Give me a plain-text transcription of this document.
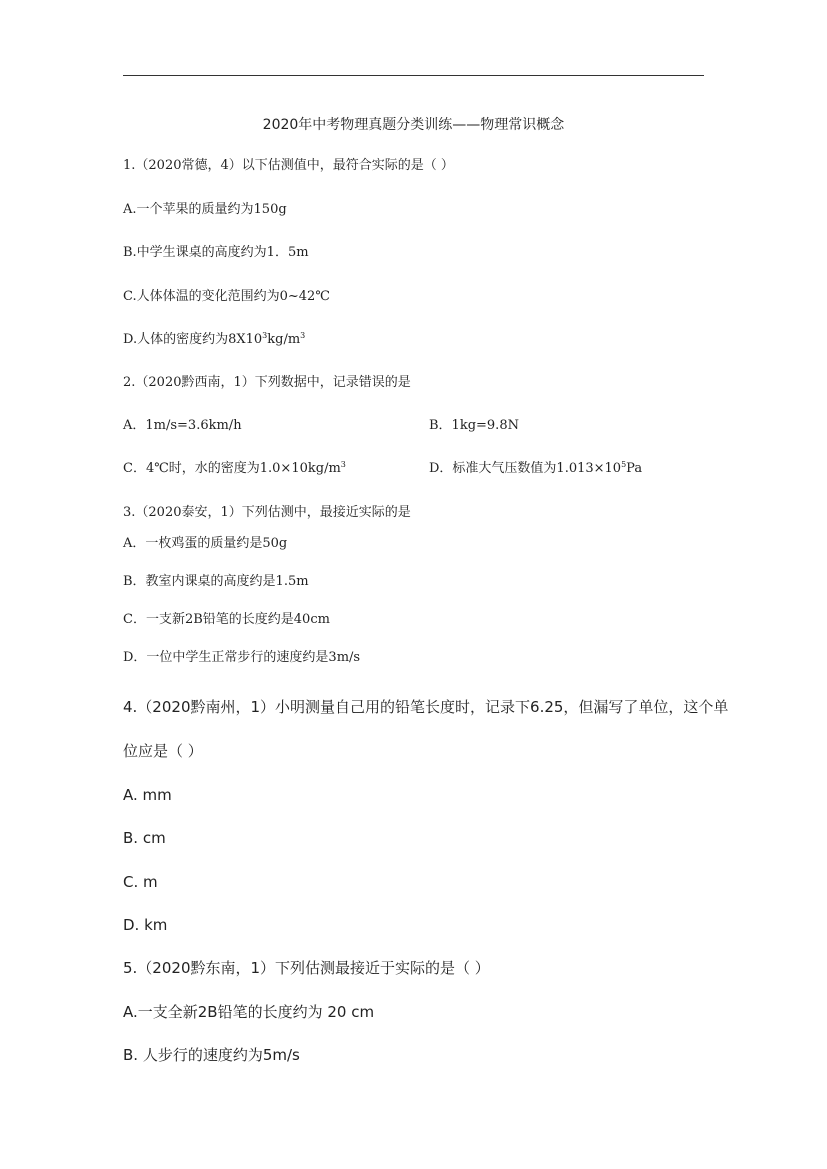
2020年中考物理真题分类训练——物理常识概念
1.（2020常德，4）以下估测值中，最符合实际的是（ ）
A.一个苹果的质量约为150g
B.中学生课桌的高度约为1．5m
C.人体体温的变化范围约为0~42℃
D.人体的密度约为$8X10^3kg/m^3$
2.（2020黔西南，1）下列数据中，记录错误的是
A．1m/s=3.6km/h	B．1kg=9.8N
C．4℃时，水的密度为$1.0\times 10kg/m^3$	D．标准大气压数值为$1.013\times 10^5Pa$
3.（2020泰安，1）下列估测中，最接近实际的是
A．一枚鸡蛋的质量约是50g
B．教室内课桌的高度约是1.5m
C．一支新2B铅笔的长度约是40cm
D．一位中学生正常步行的速度约是3m/s
4.（2020黔南州，1）小明测量自己用的铅笔长度时，记录下6.25，但漏写了单位，这个单
位应是（ ）
A. mm
B. cm
C. m
D. km
5.（2020黔东南，1）下列估测最接近于实际的是（ ）
A.一支全新2B铅笔的长度约为 20 cm
B. 人步行的速度约为5m/s
